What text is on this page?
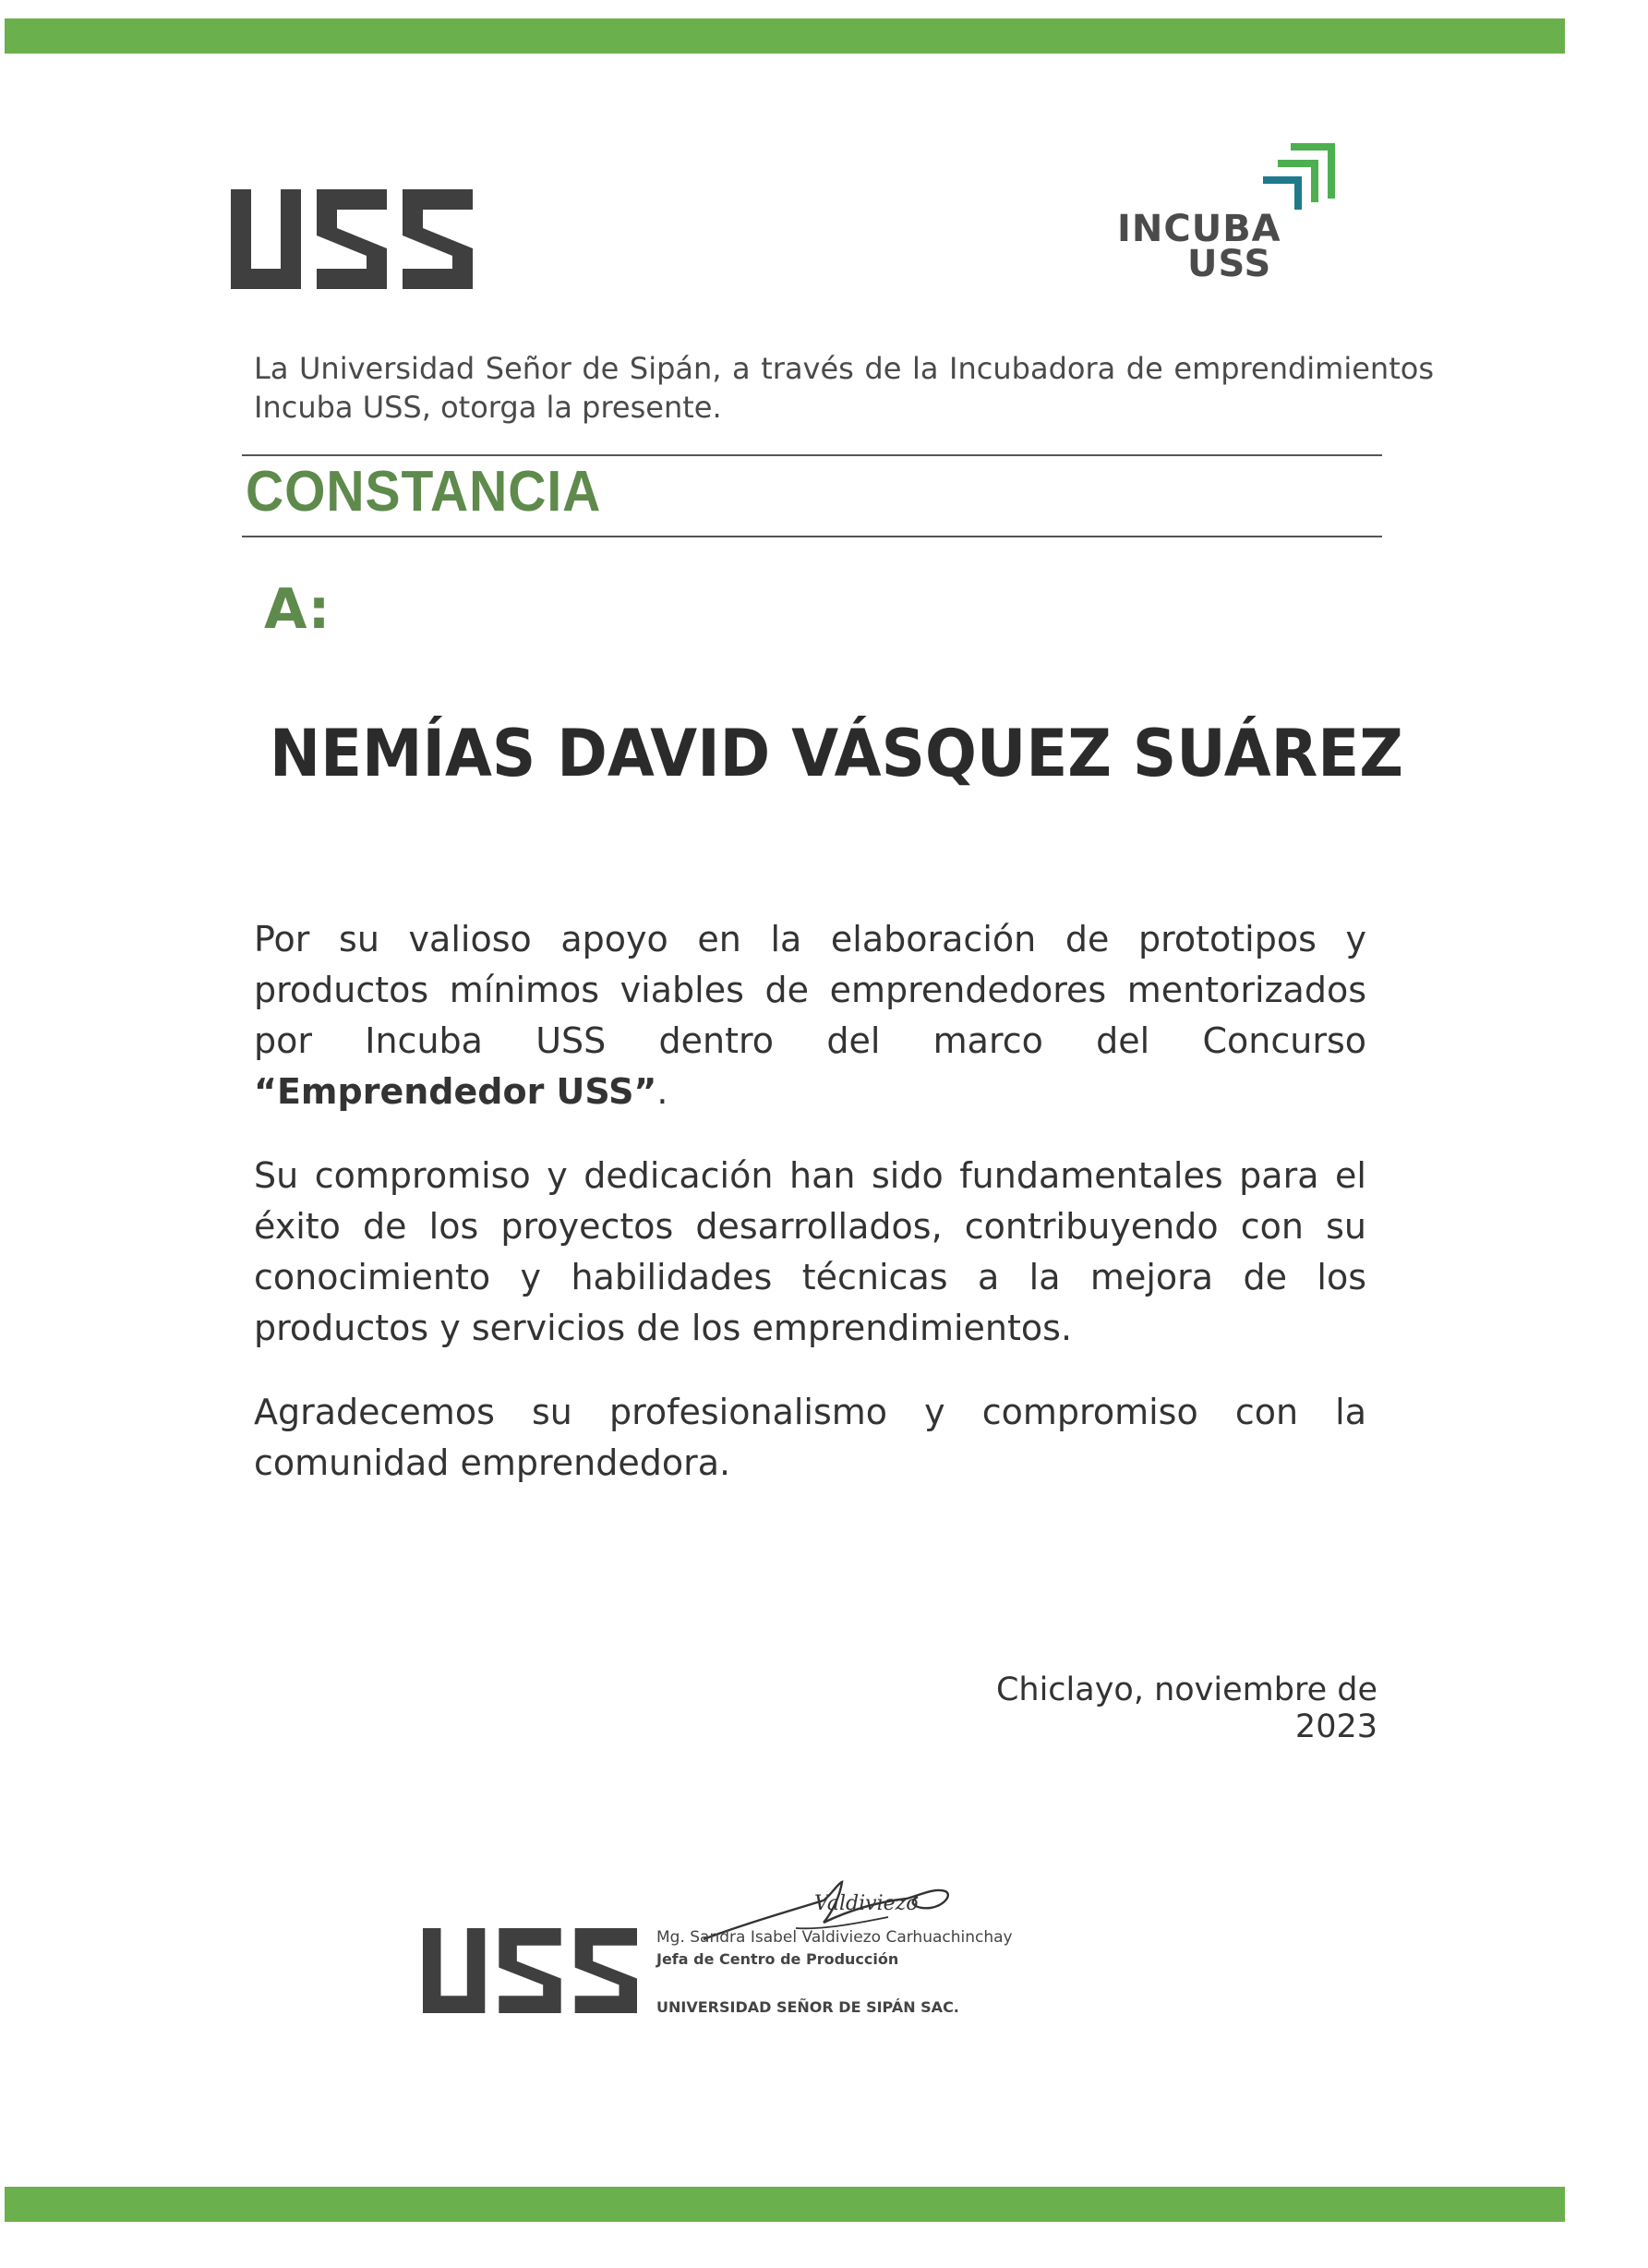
INCUBA
USS
La Universidad Señor de Sipán, a través de la Incubadora de emprendimientos Incuba USS, otorga la presente.
CONSTANCIA
A:
NEMÍAS DAVID VÁSQUEZ SUÁREZ

Por su valioso apoyo en la elaboración de prototipos y productos mínimos viables de emprendedores mentorizados por Incuba USS dentro del marco del Concurso “Emprendedor USS”.

Su compromiso y dedicación han sido fundamentales para el éxito de los proyectos desarrollados, contribuyendo con su conocimiento y habilidades técnicas a la mejora de los productos y servicios de los emprendimientos.

Agradecemos su profesionalismo y compromiso con la comunidad emprendedora.

Chiclayo, noviembre de 2023
Valdiviezo
Mg. Sandra Isabel Valdiviezo Carhuachinchay
Jefa de Centro de Producción
UNIVERSIDAD SEÑOR DE SIPÁN SAC.
